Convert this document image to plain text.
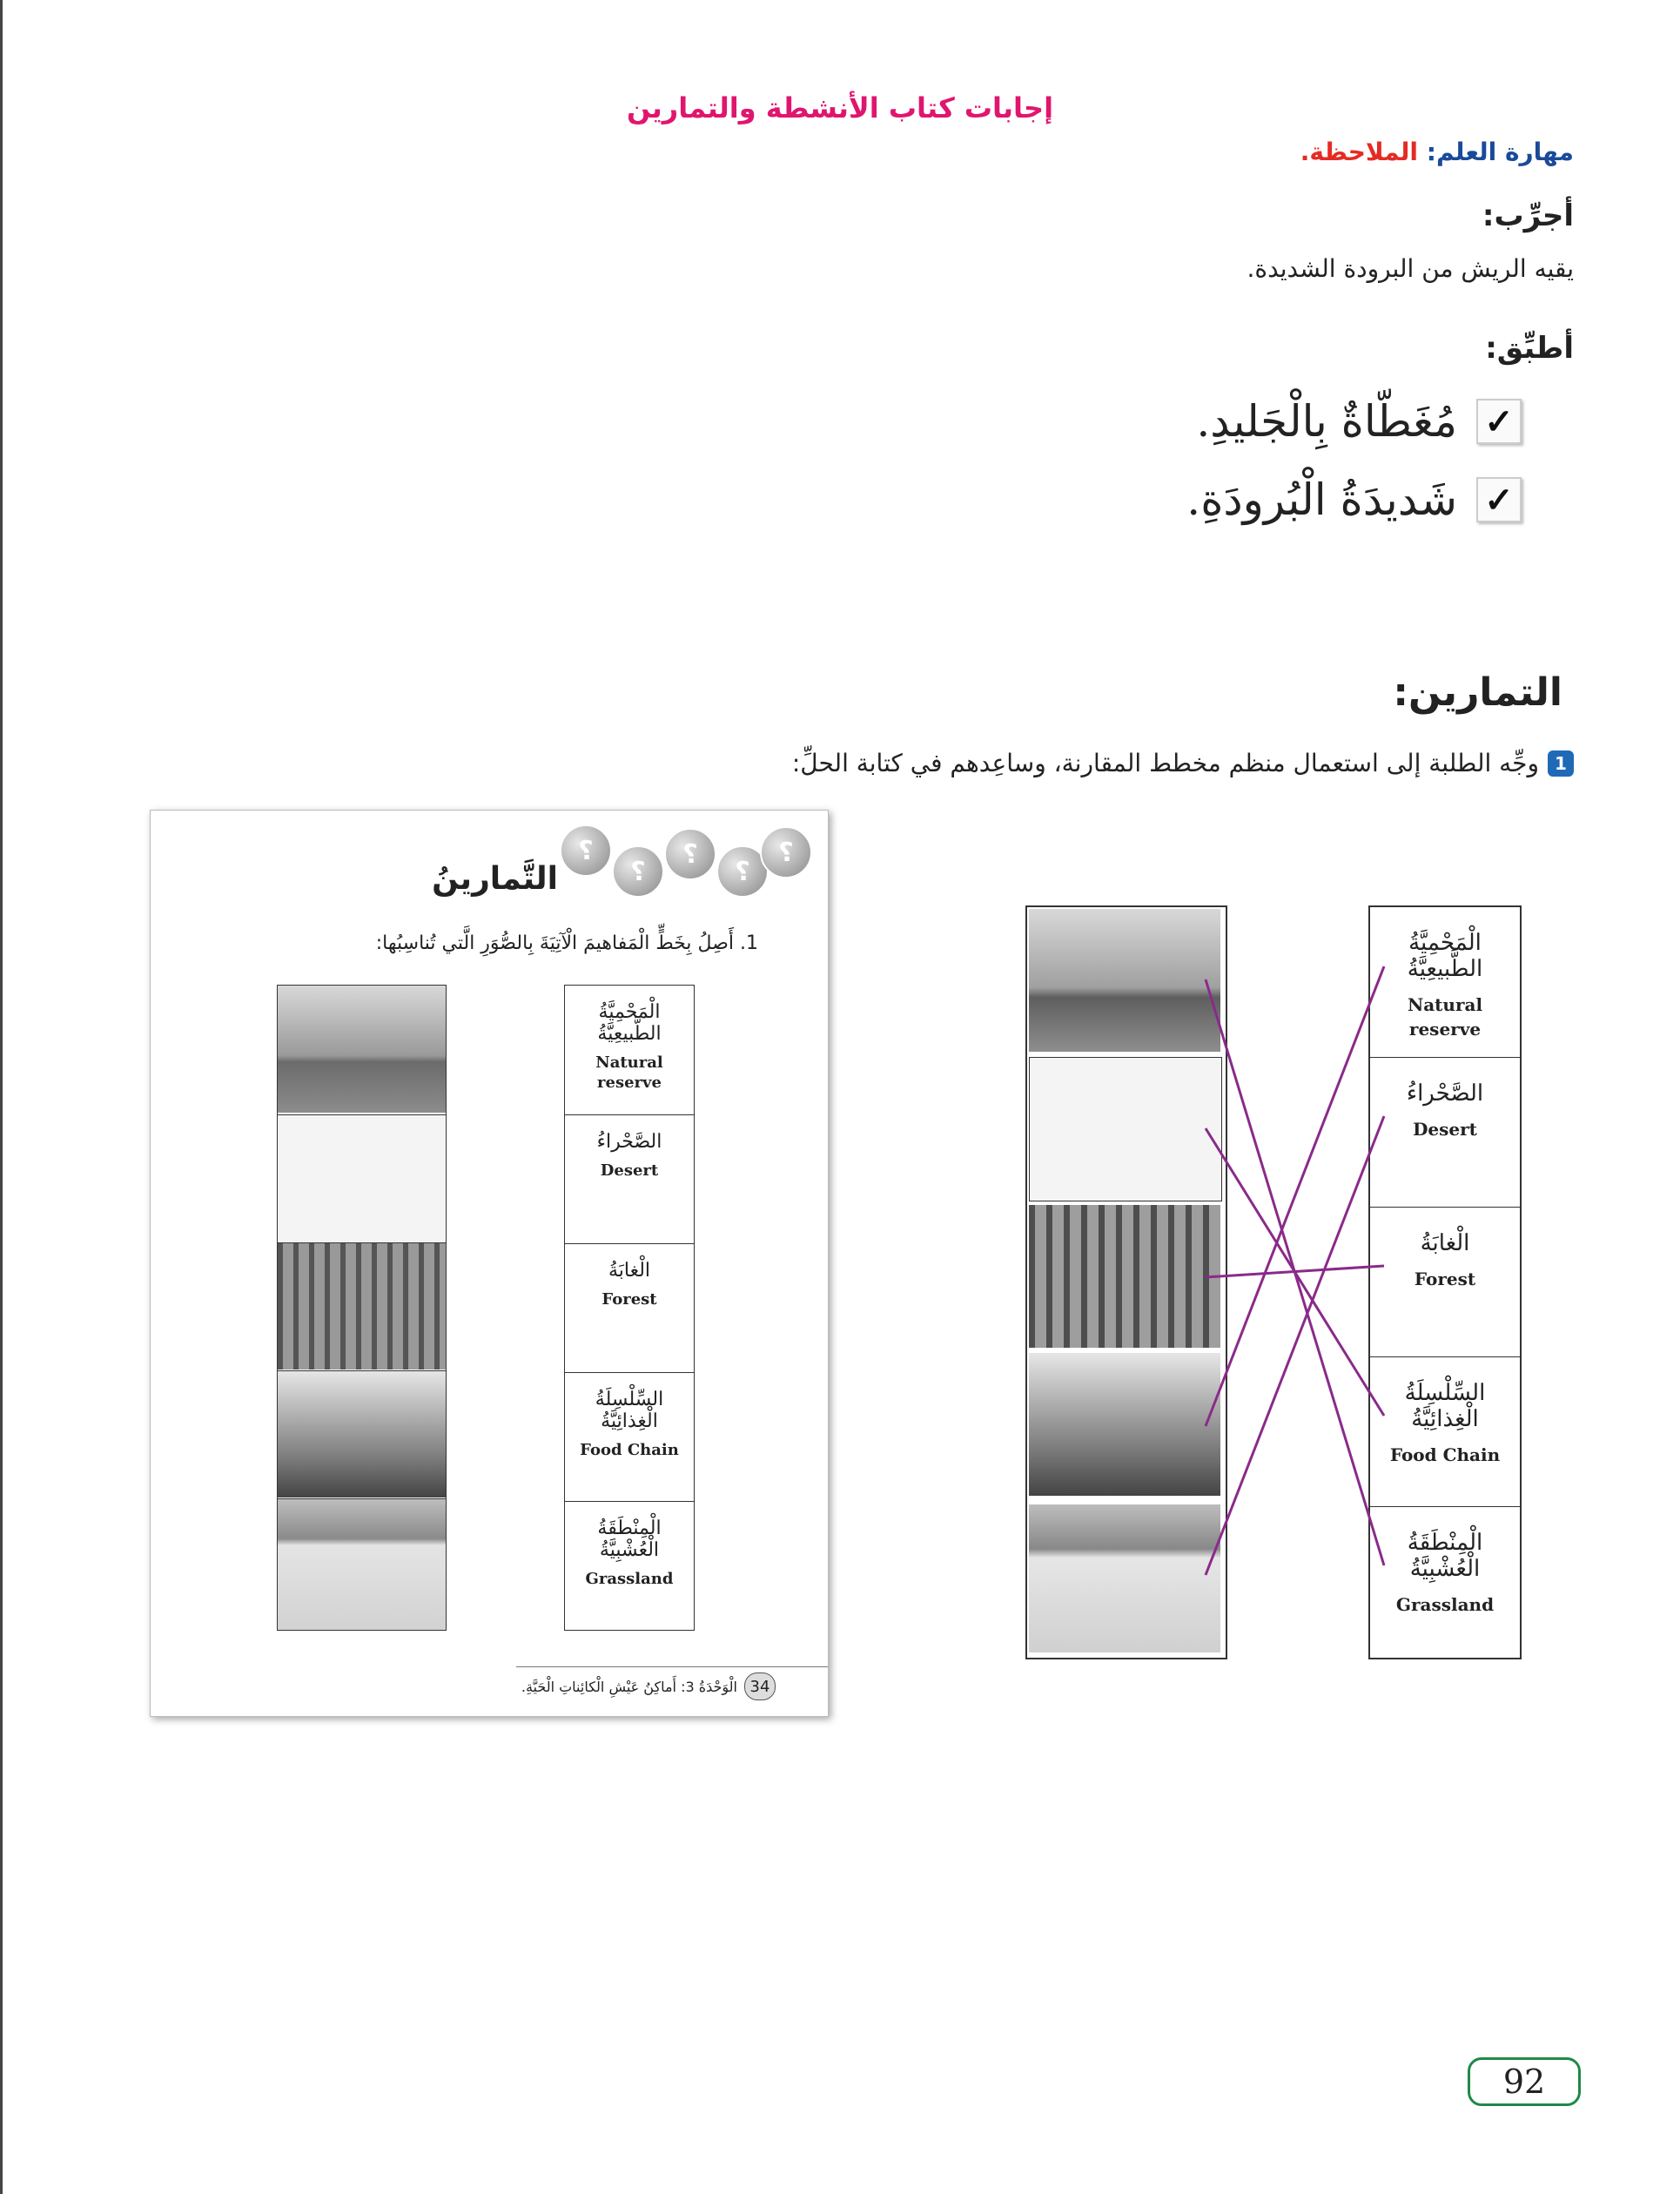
إجابات كتاب الأنشطة والتمارين
مهارة العلم: الملاحظة.
أجرِّب:
يقيه الريش من البرودة الشديدة.
أطبِّق:
مُغَطّاةٌ بِالْجَليدِ. ✓
شَديدَةُ الْبُرودَةِ. ✓
التمارين:
وجِّه الطلبة إلى استعمال منظم مخطط المقارنة، وساعِدهم في كتابة الحلِّ: 1
؟
؟
؟
؟
؟
التَّمارينُ
1. أَصِلُ بِخَطٍّ الْمَفاهيمَ الْآتِيَةَ بِالصُّوَرِ الَّتي تُناسِبُها:
الْمَحْمِيَّةُ الطَّبيعِيَّةُ
Natural
reserve
الصَّحْراءُ
Desert
الْغابَةُ
Forest
السِّلْسِلَةُ الْغِذائِيَّةُ
Food Chain
الْمِنْطَقَةُ الْعُشْبِيَّةُ
Grassland
34
الْوَحْدَةُ 3: أَماكِنُ عَيْشِ الْكائِناتِ الْحَيَّةِ.
الْمَحْمِيَّةُ الطَّبيعِيَّةُ
Natural
reserve
الصَّحْراءُ
Desert
الْغابَةُ
Forest
السِّلْسِلَةُ الْغِذائِيَّةُ
Food Chain
الْمِنْطَقَةُ الْعُشْبِيَّةُ
Grassland
92
